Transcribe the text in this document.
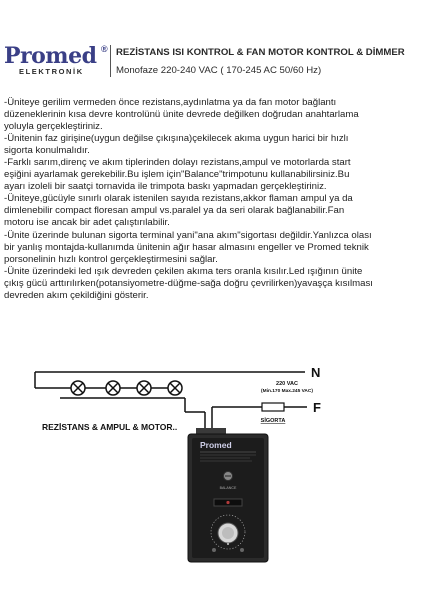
Promed ®
ELEKTRONİK
REZİSTANS ISI KONTROL & FAN MOTOR KONTROL & DİMMER
Monofaze 220-240 VAC ( 170-245 AC 50/60 Hz)

-Üniteye gerilim vermeden önce rezistans,aydınlatma ya da fan motor bağlantı

düzeneklerinin kısa devre kontrolünü ünite devrede değilken doğrudan anahtarlama

yoluyla gerçekleştiriniz.

-Ünitenin faz girişine(uygun değilse çıkışına)çekilecek akıma uygun harici bir hızlı

sigorta konulmalıdır.

-Farklı sarım,direnç ve akım tiplerinden dolayı rezistans,ampul ve motorlarda start

eşiğini ayarlamak gerekebilir.Bu işlem için"Balance"trimpotunu kullanabilirsiniz.Bu

ayarı izoleli bir saatçi tornavida ile trimpota baskı yapmadan gerçekleştiriniz.

-Üniteye,gücüyle sınırlı olarak istenilen sayıda rezistans,akkor flaman ampul ya da

dimlenebilir compact floresan ampul vs.paralel ya da seri olarak bağlanabilir.Fan

motoru ise ancak bir adet çalıştırılabilir.

-Ünite üzerinde bulunan sigorta terminal yani"ana akım"sigortası değildir.Yanlızca olası

bir yanlış montajda-kullanımda ünitenin ağır hasar almasını engeller ve Promed teknik

porsonelinin hızlı kontrol gerçekleştirmesini sağlar.

-Ünite üzerindeki led ışık devreden çekilen akıma ters oranla kısılır.Led ışığının ünite

çıkış gücü arttırılırken(potansiyometre-düğme-sağa doğru çevrilirken)yavaşça kısılması

devreden akım çekildiğini gösterir.

N
F
220 VAC
(Min.170 Max.245 VAC)
SİGORTA
REZİSTANS & AMPUL & MOTOR..
Promed
BALANCE
